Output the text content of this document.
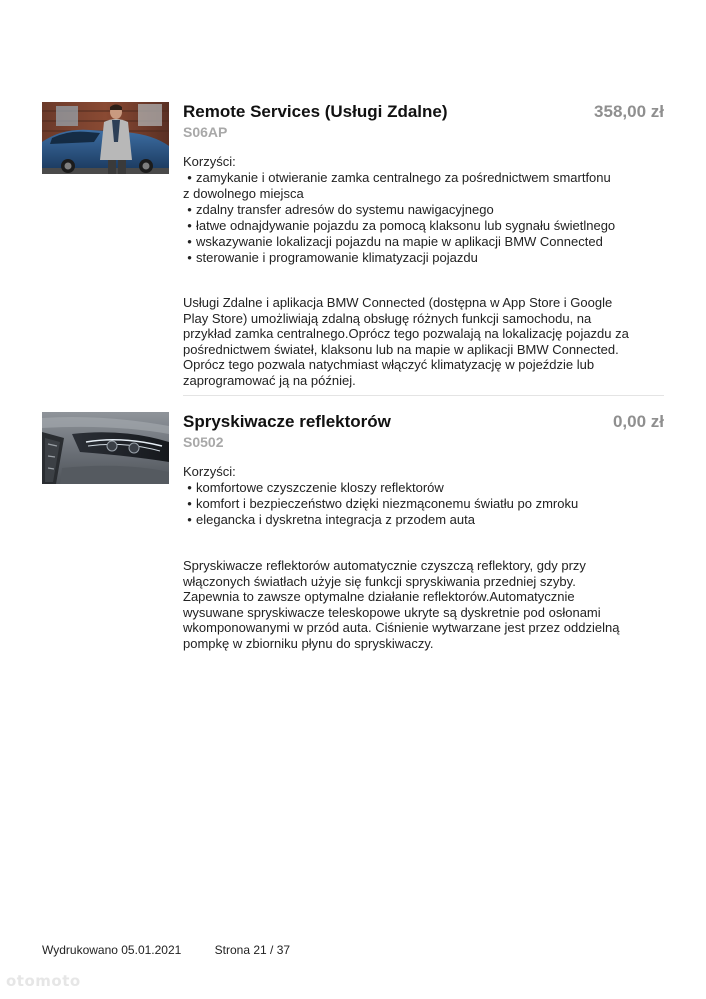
Remote Services (Usługi Zdalne)
S06AP
Korzyści:
• zamykanie i otwieranie zamka centralnego za pośrednictwem smartfonu
z dowolnego miejsca
• zdalny transfer adresów do systemu nawigacyjnego
• łatwe odnajdywanie pojazdu za pomocą klaksonu lub sygnału świetlnego
• wskazywanie lokalizacji pojazdu na mapie w aplikacji BMW Connected
• sterowanie i programowanie klimatyzacji pojazdu

Usługi Zdalne i aplikacja BMW Connected (dostępna w App Store i Google
Play Store) umożliwiają zdalną obsługę różnych funkcji samochodu, na
przykład zamka centralnego.Oprócz tego pozwalają na lokalizację pojazdu za
pośrednictwem świateł, klaksonu lub na mapie w aplikacji BMW Connected.
Oprócz tego pozwala natychmiast włączyć klimatyzację w pojeździe lub
zaprogramować ją na później.

358,00 zł
Spryskiwacze reflektorów
S0502
Korzyści:
• komfortowe czyszczenie kloszy reflektorów
• komfort i bezpieczeństwo dzięki niezmąconemu światłu po zmroku
• elegancka i dyskretna integracja z przodem auta

Spryskiwacze reflektorów automatycznie czyszczą reflektory, gdy przy
włączonych światłach użyje się funkcji spryskiwania przedniej szyby.
Zapewnia to zawsze optymalne działanie reflektorów.Automatycznie
wysuwane spryskiwacze teleskopowe ukryte są dyskretnie pod osłonami
wkomponowanymi w przód auta. Ciśnienie wytwarzane jest przez oddzielną
pompkę w zbiorniku płynu do spryskiwaczy.

0,00 zł
Wydrukowano 05.01.2021	Strona 21 / 37
otomoto
